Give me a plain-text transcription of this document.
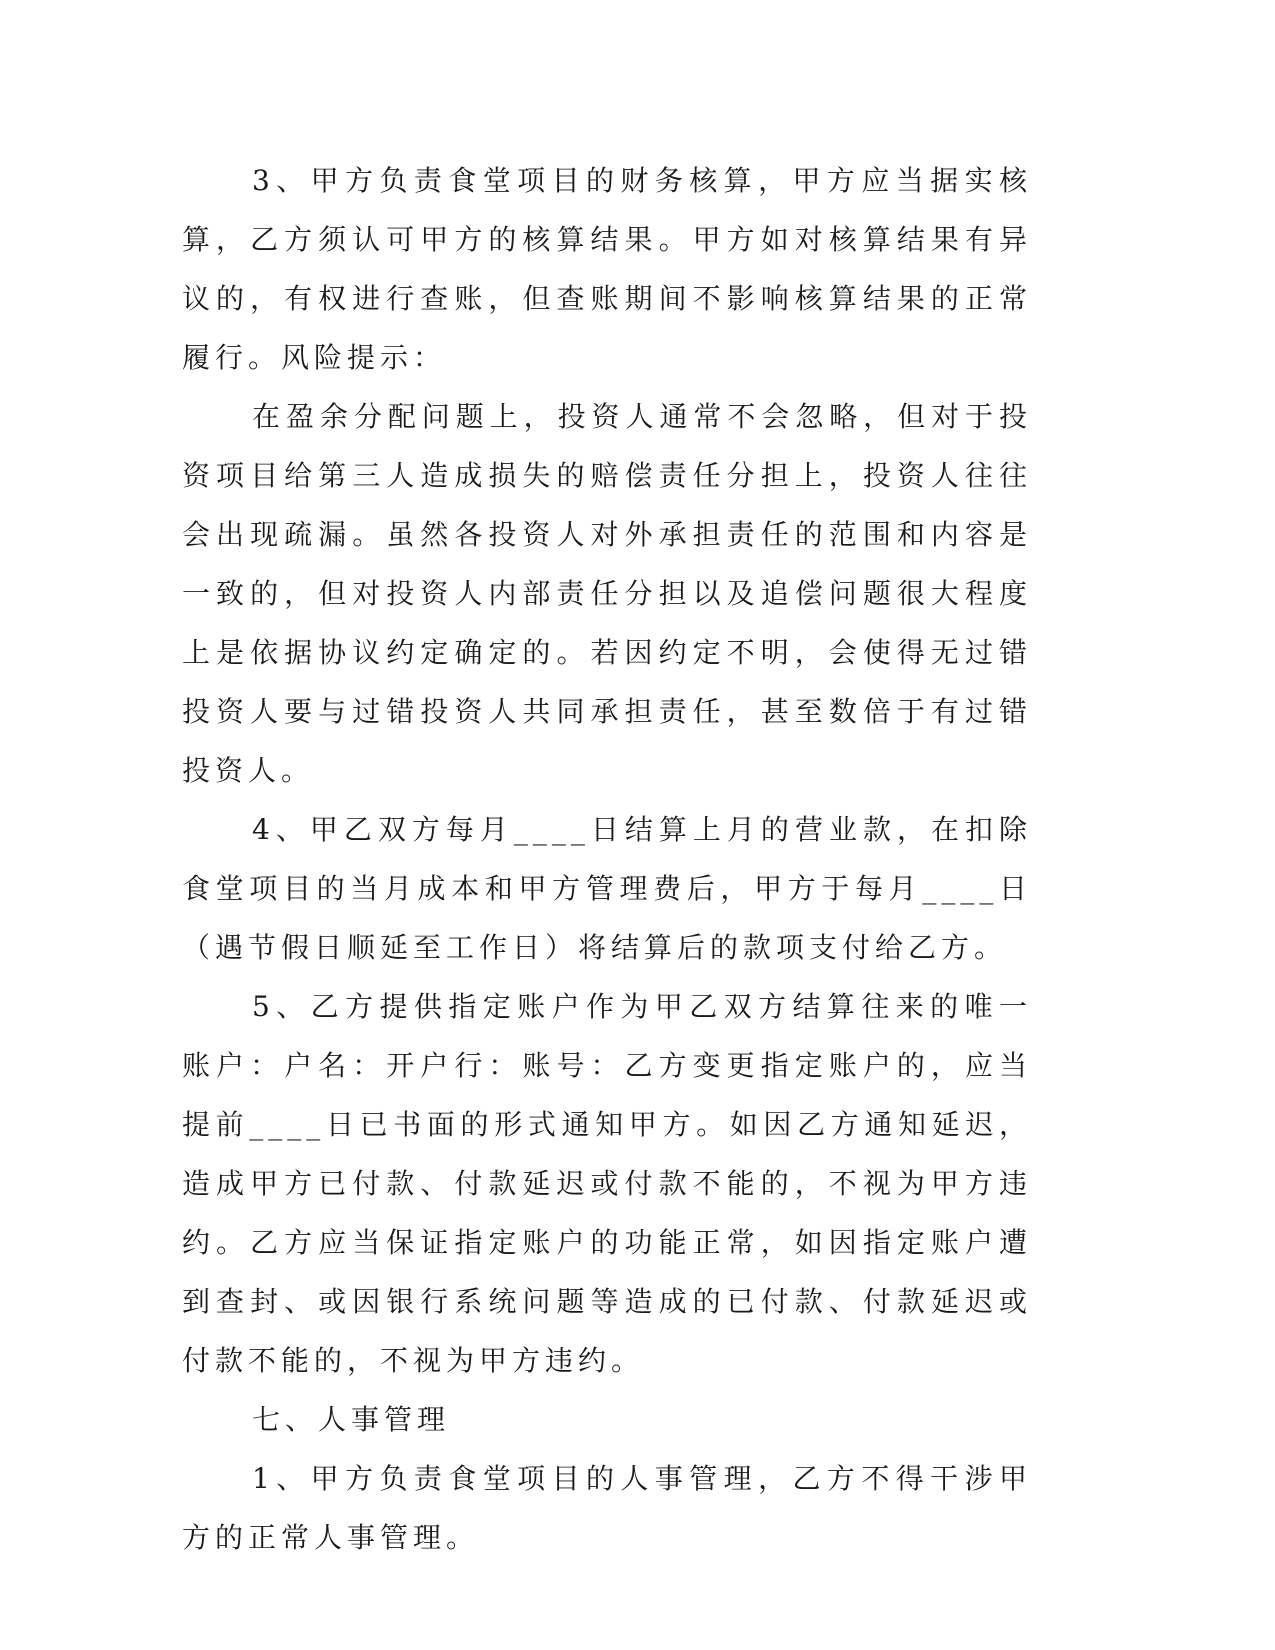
3、甲方负责食堂项目的财务核算，甲方应当据实核算，乙方须认可甲方的核算结果。甲方如对核算结果有异议的，有权进行查账，但查账期间不影响核算结果的正常履行。风险提示：

在盈余分配问题上，投资人通常不会忽略，但对于投资项目给第三人造成损失的赔偿责任分担上，投资人往往会出现疏漏。虽然各投资人对外承担责任的范围和内容是一致的，但对投资人内部责任分担以及追偿问题很大程度上是依据协议约定确定的。若因约定不明，会使得无过错投资人要与过错投资人共同承担责任，甚至数倍于有过错投资人。

4、甲乙双方每月____日结算上月的营业款，在扣除食堂项目的当月成本和甲方管理费后，甲方于每月____日（遇节假日顺延至工作日）将结算后的款项支付给乙方。

5、乙方提供指定账户作为甲乙双方结算往来的唯一账户：户名：开户行：账号：乙方变更指定账户的，应当提前____日已书面的形式通知甲方。如因乙方通知延迟，造成甲方已付款、付款延迟或付款不能的，不视为甲方违约。乙方应当保证指定账户的功能正常，如因指定账户遭到查封、或因银行系统问题等造成的已付款、付款延迟或付款不能的，不视为甲方违约。

七、人事管理

1、甲方负责食堂项目的人事管理，乙方不得干涉甲方的正常人事管理。
